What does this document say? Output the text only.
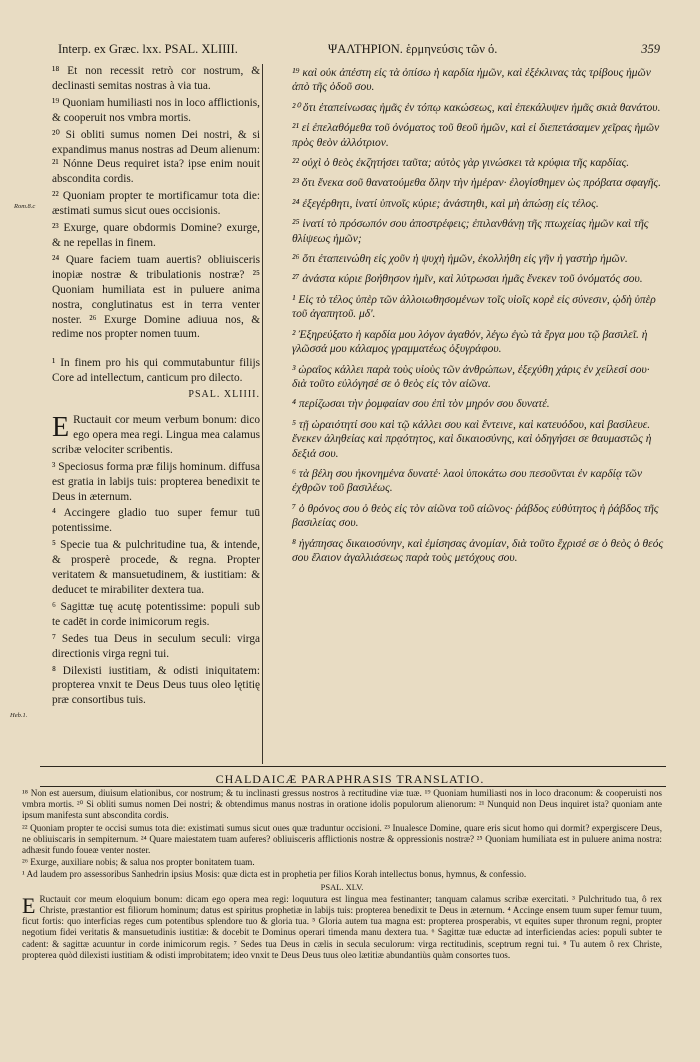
Interp. ex Græc. lxx. PSAL. XLIIII.	ΨΑΛΤΗΡΙΟΝ. ἑρμηνεύσις τῶν ό.	359
Rom.8.c
Heb.1.

¹⁸ Et non recessit retrò cor nostrum, & declinasti semitas nostras à via tua.

¹⁹ Quoniam humiliasti nos in loco afflictionis, & cooperuit nos vmbra mortis.

²⁰ Si obliti sumus nomen Dei nostri, & si expandimus manus nostras ad Deum alienum: ²¹ Nónne Deus requiret ista? ipse enim nouit abscondita cordis.

²² Quoniam propter te mortificamur tota die: æstimati sumus sicut oues occisionis.

²³ Exurge, quare obdormis Domine? exurge, & ne repellas in finem.

²⁴ Quare faciem tuam auertis? obliuisceris inopiæ nostræ & tribulationis nostræ? ²⁵ Quoniam humiliata est in puluere anima nostra, conglutinatus est in terra venter noster. ²⁶ Exurge Domine adiuua nos, & redime nos propter nomen tuum.

¹ In finem pro his qui commutabuntur filijs Core ad intellectum, canticum pro dilecto.

PSAL. XLIIII.

E Ructauit cor meum verbum bonum: dico ego opera mea regi. Lingua mea calamus scribæ velociter scribentis.

³ Speciosus forma præ filijs hominum. diffusa est gratia in labijs tuis: propterea benedixit te Deus in æternum.

⁴ Accingere gladio tuo super femur tuū potentissime.

⁵ Specie tua & pulchritudine tua, & intende, & prosperè procede, & regna. Propter veritatem & mansuetudinem, & iustitiam: & deducet te mirabiliter dextera tua.

⁶ Sagittæ tuę acutę potentissime: populi sub te cadēt in corde inimicorum regis.

⁷ Sedes tua Deus in seculum seculi: virga directionis virga regni tui.

⁸ Dilexisti iustitiam, & odisti iniquitatem: propterea vnxit te Deus Deus tuus oleo lętitię præ consortibus tuis.

¹⁹ καὶ οὐκ ἀπέστη εἰς τὰ ὀπίσω ἡ καρδία ἡμῶν, καὶ ἐξέκλινας τὰς τρίβους ἡμῶν ἀπὸ τῆς ὁδοῦ σου.

²⁰ ὅτι ἐταπείνωσας ἡμᾶς ἐν τόπῳ κακώσεως, καὶ ἐπεκάλυψεν ἡμᾶς σκιὰ θανάτου.

²¹ εἰ ἐπελαθόμεθα τοῦ ὀνόματος τοῦ θεοῦ ἡμῶν, καὶ εἰ διεπετάσαμεν χεῖρας ἡμῶν πρὸς θεὸν ἀλλότριον.

²² οὐχὶ ὁ θεὸς ἐκζητήσει ταῦτα; αὐτὸς γὰρ γινώσκει τὰ κρύφια τῆς καρδίας.

²³ ὅτι ἕνεκα σοῦ θανατούμεθα ὅλην τὴν ἡμέραν· ἐλογίσθημεν ὡς πρόβατα σφαγῆς.

²⁴ ἐξεγέρθητι, ἱνατί ὑπνοῖς κύριε; ἀνάστηθι, καὶ μὴ ἀπώσῃ εἰς τέλος.

²⁵ ἱνατί τὸ πρόσωπόν σου ἀποστρέφεις; ἐπιλανθάνῃ τῆς πτωχείας ἡμῶν καὶ τῆς θλίψεως ἡμῶν;

²⁶ ὅτι ἐταπεινώθη εἰς χοῦν ἡ ψυχὴ ἡμῶν, ἐκολλήθη εἰς γῆν ἡ γαστὴρ ἡμῶν.

²⁷ ἀνάστα κύριε βοήθησον ἡμῖν, καὶ λύτρωσαι ἡμᾶς ἕνεκεν τοῦ ὀνόματός σου.

¹ Εἰς τὸ τέλος ὑπὲρ τῶν ἀλλοιωθησομένων τοῖς υἱοῖς κορὲ εἰς σύνεσιν, ᾠδὴ ὑπὲρ τοῦ ἀγαπητοῦ. μδ'.

² Ἐξηρεύξατο ἡ καρδία μου λόγον ἀγαθόν, λέγω ἐγὼ τὰ ἔργα μου τῷ βασιλεῖ. ἡ γλῶσσά μου κάλαμος γραμματέως ὀξυγράφου.

³ ὡραῖος κάλλει παρὰ τοὺς υἱοὺς τῶν ἀνθρώπων, ἐξεχύθη χάρις ἐν χείλεσί σου· διὰ τοῦτο εὐλόγησέ σε ὁ θεὸς εἰς τὸν αἰῶνα.

⁴ περίζωσαι τὴν ῥομφαίαν σου ἐπὶ τὸν μηρόν σου δυνατέ.

⁵ τῇ ὡραιότητί σου καὶ τῷ κάλλει σου καὶ ἔντεινε, καὶ κατευόδου, καὶ βασίλευε. ἕνεκεν ἀληθείας καὶ πρᾳότητος, καὶ δικαιοσύνης, καὶ ὁδηγήσει σε θαυμαστῶς ἡ δεξιά σου.

⁶ τὰ βέλη σου ἠκονημένα δυνατέ· λαοὶ ὑποκάτω σου πεσοῦνται ἐν καρδίᾳ τῶν ἐχθρῶν τοῦ βασιλέως.

⁷ ὁ θρόνος σου ὁ θεὸς εἰς τὸν αἰῶνα τοῦ αἰῶνος· ῥάβδος εὐθύτητος ἡ ῥάβδος τῆς βασιλείας σου.

⁸ ἠγάπησας δικαιοσύνην, καὶ ἐμίσησας ἀνομίαν, διὰ τοῦτο ἔχρισέ σε ὁ θεὸς ὁ θεός σου ἔλαιον ἀγαλλιάσεως παρὰ τοὺς μετόχους σου.

CHALDAICÆ PARAPHRASIS TRANSLATIO.

¹⁸ Non est auersum, diuisum elationibus, cor nostrum; & tu inclinasti gressus nostros à rectitudine viæ tuæ. ¹⁹ Quoniam humiliasti nos in loco draconum: & cooperuisti nos vmbra mortis. ²⁰ Si obliti sumus nomen Dei nostri; & obtendimus manus nostras in oratione idolis populorum alienorum: ²¹ Nunquid non Deus inquiret ista? quoniam ante ipsum manifesta sunt abscondita cordis.

²² Quoniam propter te occisi sumus tota die: existimati sumus sicut oues quæ traduntur occisioni. ²³ Inualesce Domine, quare eris sicut homo qui dormit? expergiscere Deus, ne obliuiscaris in sempiternum. ²⁴ Quare maiestatem tuam auferes? obliuisceris afflictionis nostræ & oppressionis nostræ? ²⁵ Quoniam humiliata est in puluere anima nostra: adhæsit fundo foueæ venter noster.

²⁶ Exurge, auxiliare nobis; & salua nos propter bonitatem tuam.

¹ Ad laudem pro assessoribus Sanhedrin ipsius Mosis: quæ dicta est in prophetia per filios Korah intellectus bonus, hymnus, & confessio.

PSAL. XLV.

E Ructauit cor meum eloquium bonum: dicam ego opera mea regi: loquutura est lingua mea festinanter; tanquam calamus scribæ exercitati. ³ Pulchritudo tua, ô rex Christe, præstantior est filiorum hominum; datus est spiritus prophetiæ in labijs tuis: propterea benedixit te Deus in æternum. ⁴ Accinge ensem tuum super femur tuum, ficut fortis: quo interficias reges cum potentibus splendore tuo & gloria tua. ⁵ Gloria autem tua magna est: propterea prosperabis, vt equites super thronum regni, propter negotium fidei veritatis & mansuetudinis iustitiæ: & docebit te Dominus operari timenda manu dextera tua. ⁶ Sagittæ tuæ eductæ ad interficiendas acies: populi subter te cadent: & sagittæ acuuntur in corde inimicorum regis. ⁷ Sedes tua Deus in cælis in secula seculorum: virga rectitudinis, sceptrum regni tui. ⁸ Tu autem ô rex Christe, propterea quòd dilexisti iustitiam & odisti improbitatem; ideo vnxit te Deus Deus tuus oleo lætitiæ abundantiùs quàm consortes tuos.
